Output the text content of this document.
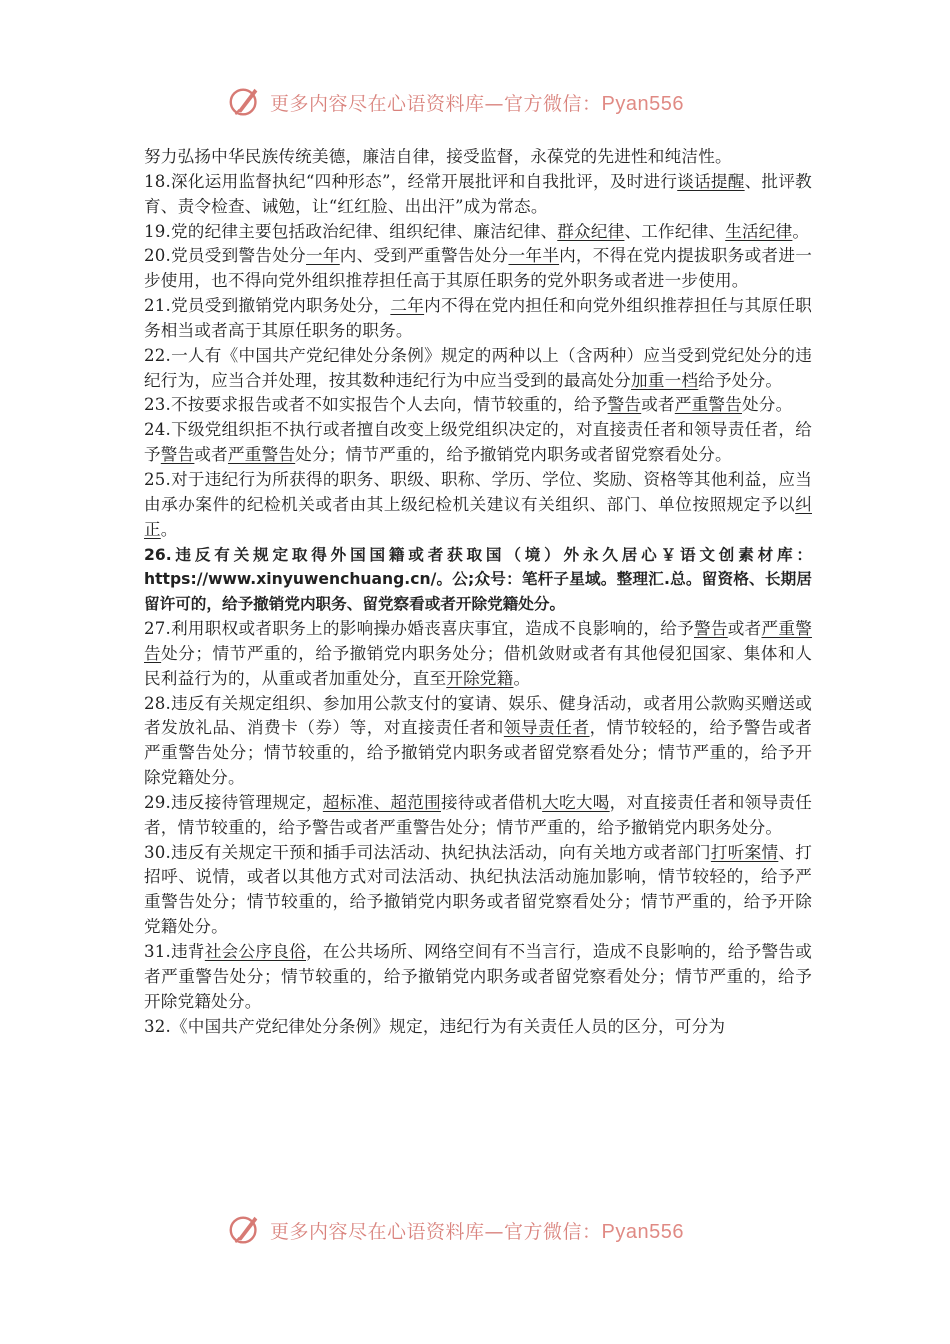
更多内容尽在心语资料库—官方微信：Pyan556

努力弘扬中华民族传统美德，廉洁自律，接受监督，永葆党的先进性和纯洁性。

18.深化运用监督执纪“四种形态”，经常开展批评和自我批评，及时进行谈话提醒、批评教育、责令检查、诫勉，让“红红脸、出出汗”成为常态。

19.党的纪律主要包括政治纪律、组织纪律、廉洁纪律、群众纪律、工作纪律、生活纪律。

20.党员受到警告处分一年内、受到严重警告处分一年半内，不得在党内提拔职务或者进一步使用，也不得向党外组织推荐担任高于其原任职务的党外职务或者进一步使用。

21.党员受到撤销党内职务处分，二年内不得在党内担任和向党外组织推荐担任与其原任职务相当或者高于其原任职务的职务。

22.一人有《中国共产党纪律处分条例》规定的两种以上（含两种）应当受到党纪处分的违纪行为，应当合并处理，按其数种违纪行为中应当受到的最高处分加重一档给予处分。

23.不按要求报告或者不如实报告个人去向，情节较重的，给予警告或者严重警告处分。

24.下级党组织拒不执行或者擅自改变上级党组织决定的，对直接责任者和领导责任者，给予警告或者严重警告处分；情节严重的，给予撤销党内职务或者留党察看处分。

25.对于违纪行为所获得的职务、职级、职称、学历、学位、奖励、资格等其他利益，应当由承办案件的纪检机关或者由其上级纪检机关建议有关组织、部门、单位按照规定予以纠正。

26.违反有关规定取得外国国籍或者获取国（境）外永久居心￥语文创素材库：https://www.xinyuwenchuang.cn/。公;众号：笔杆子星域。整理汇.总。留资格、长期居留许可的，给予撤销党内职务、留党察看或者开除党籍处分。

27.利用职权或者职务上的影响操办婚丧喜庆事宜，造成不良影响的，给予警告或者严重警告处分；情节严重的，给予撤销党内职务处分；借机敛财或者有其他侵犯国家、集体和人民利益行为的，从重或者加重处分，直至开除党籍。

28.违反有关规定组织、参加用公款支付的宴请、娱乐、健身活动，或者用公款购买赠送或者发放礼品、消费卡（券）等，对直接责任者和领导责任者，情节较轻的，给予警告或者严重警告处分；情节较重的，给予撤销党内职务或者留党察看处分；情节严重的，给予开除党籍处分。

29.违反接待管理规定，超标准、超范围接待或者借机大吃大喝，对直接责任者和领导责任者，情节较重的，给予警告或者严重警告处分；情节严重的，给予撤销党内职务处分。

30.违反有关规定干预和插手司法活动、执纪执法活动，向有关地方或者部门打听案情、打招呼、说情，或者以其他方式对司法活动、执纪执法活动施加影响，情节较轻的，给予严重警告处分；情节较重的，给予撤销党内职务或者留党察看处分；情节严重的，给予开除党籍处分。

31.违背社会公序良俗，在公共场所、网络空间有不当言行，造成不良影响的，给予警告或者严重警告处分；情节较重的，给予撤销党内职务或者留党察看处分；情节严重的，给予开除党籍处分。

32.《中国共产党纪律处分条例》规定，违纪行为有关责任人员的区分，可分为

更多内容尽在心语资料库—官方微信：Pyan556
